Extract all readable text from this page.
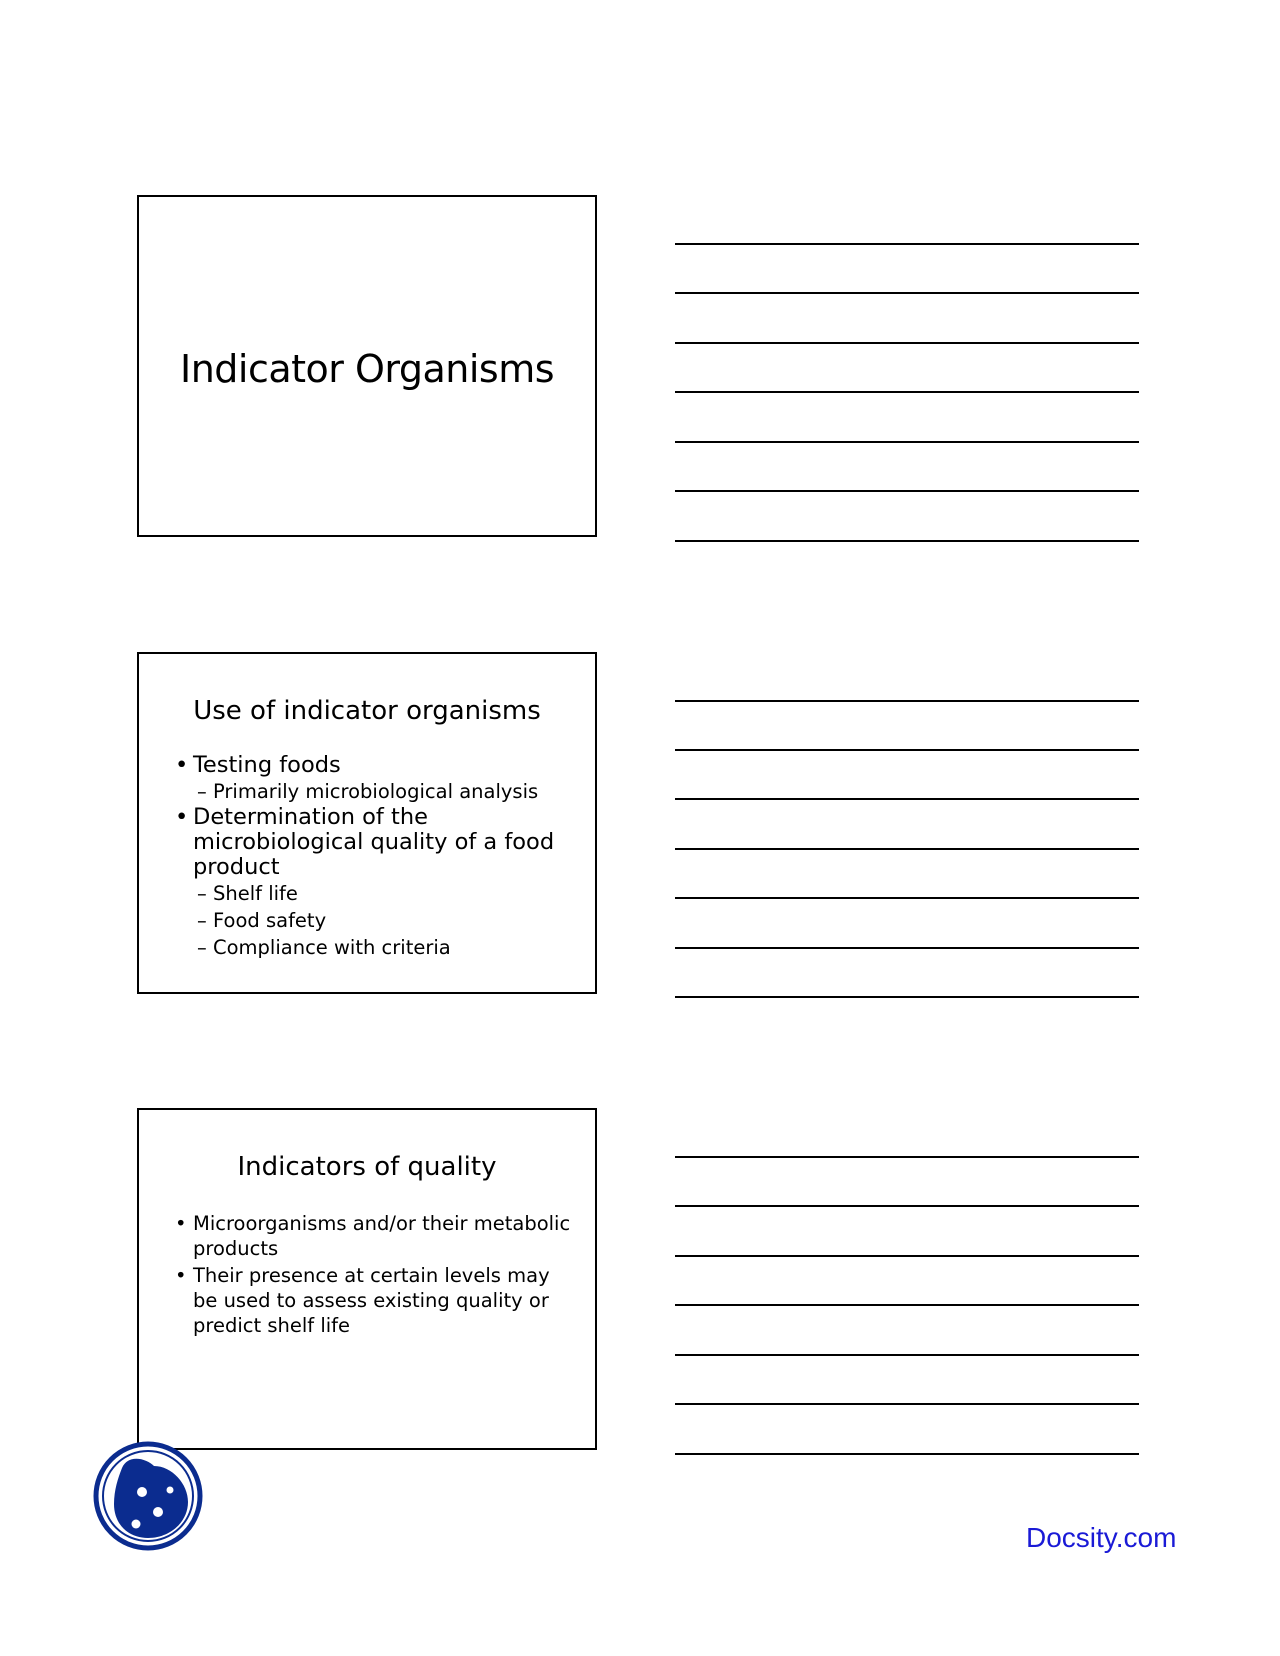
Indicator Organisms
Use of indicator organisms
• Testing foods
– Primarily microbiological analysis
• Determination of the microbiological quality of a food product
– Shelf life
– Food safety
– Compliance with criteria
Indicators of quality
• Microorganisms and/or their metabolic products
• Their presence at certain levels may be used to assess existing quality or predict shelf life
Docsity.com
